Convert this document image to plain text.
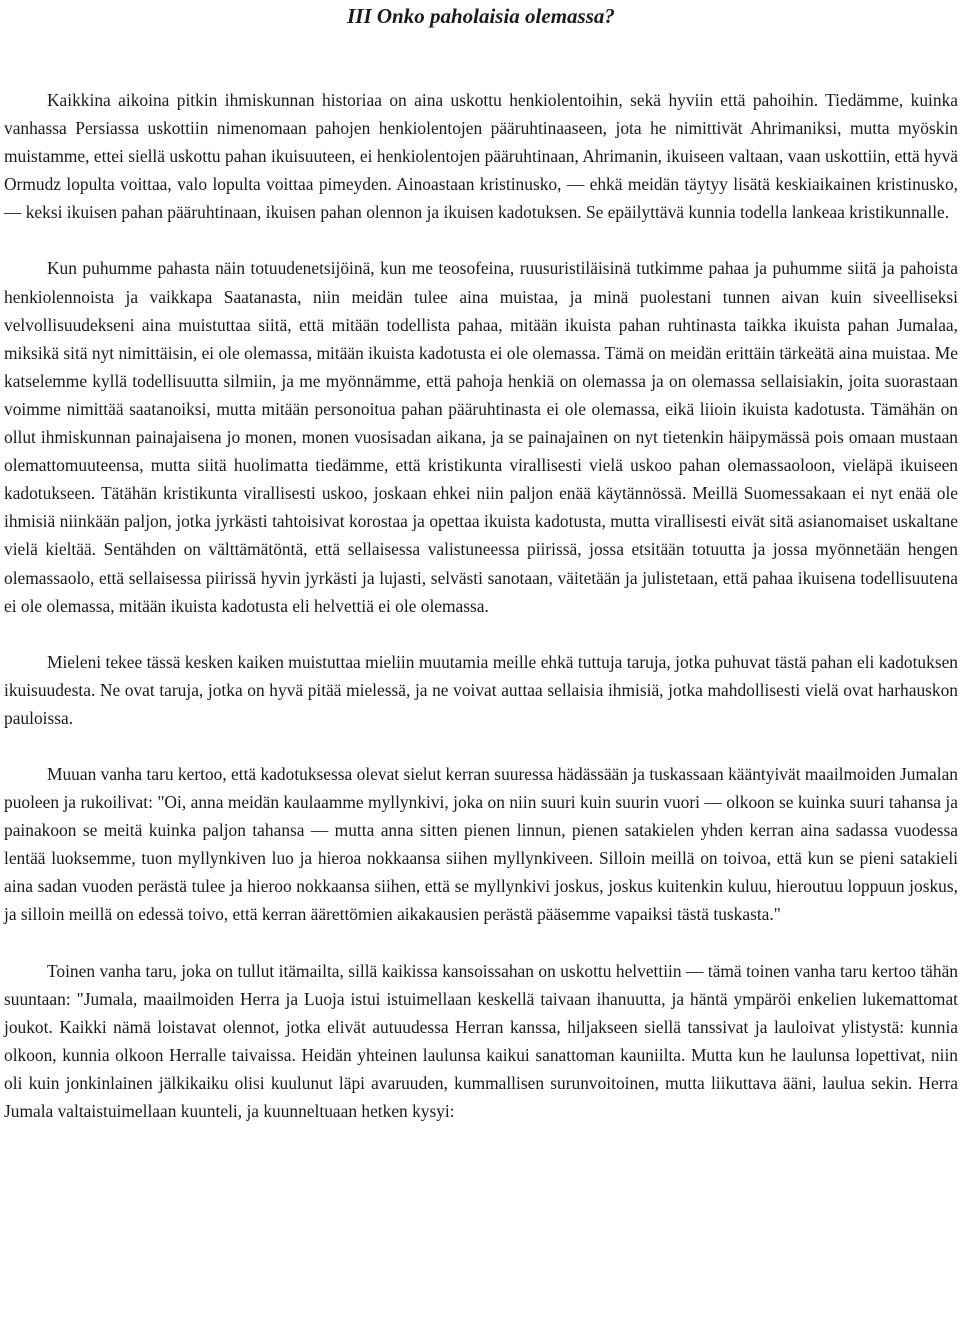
III Onko paholaisia olemassa?

Kaikkina aikoina pitkin ihmiskunnan historiaa on aina uskottu henkiolentoihin, sekä hyviin että pahoihin. Tiedämme, kuinka vanhassa Persiassa uskottiin nimenomaan pahojen henkiolentojen pääruhtinaaseen, jota he nimittivät Ahrimaniksi, mutta myöskin muistamme, ettei siellä uskottu pahan ikuisuuteen, ei henkiolentojen pääruhtinaan, Ahrimanin, ikuiseen valtaan, vaan uskottiin, että hyvä Ormudz lopulta voittaa, valo lopulta voittaa pimeyden. Ainoastaan kristinusko, — ehkä meidän täytyy lisätä keskiaikainen kristinusko, — keksi ikuisen pahan pääruhtinaan, ikuisen pahan olennon ja ikuisen kadotuksen. Se epäilyttävä kunnia todella lankeaa kristikunnalle.

Kun puhumme pahasta näin totuudenetsijöinä, kun me teosofeina, ruusuristiläisinä tutkimme pahaa ja puhumme siitä ja pahoista henkiolennoista ja vaikkapa Saatanasta, niin meidän tulee aina muistaa, ja minä puolestani tunnen aivan kuin siveelliseksi velvollisuudekseni aina muistuttaa siitä, että mitään todellista pahaa, mitään ikuista pahan ruhtinasta taikka ikuista pahan Jumalaa, miksikä sitä nyt nimittäisin, ei ole olemassa, mitään ikuista kadotusta ei ole olemassa. Tämä on meidän erittäin tärkeätä aina muistaa. Me katselemme kyllä todellisuutta silmiin, ja me myönnämme, että pahoja henkiä on olemassa ja on olemassa sellaisiakin, joita suorastaan voimme nimittää saatanoiksi, mutta mitään personoitua pahan pääruhtinasta ei ole olemassa, eikä liioin ikuista kadotusta. Tämähän on ollut ihmiskunnan painajaisena jo monen, monen vuosisadan aikana, ja se painajainen on nyt tietenkin häipymässä pois omaan mustaan olemattomuuteensa, mutta siitä huolimatta tiedämme, että kristikunta virallisesti vielä uskoo pahan olemassaoloon, vieläpä ikuiseen kadotukseen. Tätähän kristikunta virallisesti uskoo, joskaan ehkei niin paljon enää käytännössä. Meillä Suomessakaan ei nyt enää ole ihmisiä niinkään paljon, jotka jyrkästi tahtoisivat korostaa ja opettaa ikuista kadotusta, mutta virallisesti eivät sitä asianomaiset uskaltane vielä kieltää. Sentähden on välttämätöntä, että sellaisessa valistuneessa piirissä, jossa etsitään totuutta ja jossa myönnetään hengen olemassaolo, että sellaisessa piirissä hyvin jyrkästi ja lujasti, selvästi sanotaan, väitetään ja julistetaan, että pahaa ikuisena todellisuutena ei ole olemassa, mitään ikuista kadotusta eli helvettiä ei ole olemassa.

Mieleni tekee tässä kesken kaiken muistuttaa mieliin muutamia meille ehkä tuttuja taruja, jotka puhuvat tästä pahan eli kadotuksen ikuisuudesta. Ne ovat taruja, jotka on hyvä pitää mielessä, ja ne voivat auttaa sellaisia ihmisiä, jotka mahdollisesti vielä ovat harhauskon pauloissa.

Muuan vanha taru kertoo, että kadotuksessa olevat sielut kerran suuressa hädässään ja tuskassaan kääntyivät maailmoiden Jumalan puoleen ja rukoilivat: "Oi, anna meidän kaulaamme myllynkivi, joka on niin suuri kuin suurin vuori — olkoon se kuinka suuri tahansa ja painakoon se meitä kuinka paljon tahansa — mutta anna sitten pienen linnun, pienen satakielen yhden kerran aina sadassa vuodessa lentää luoksemme, tuon myllynkiven luo ja hieroa nokkaansa siihen myllynkiveen. Silloin meillä on toivoa, että kun se pieni satakieli aina sadan vuoden perästä tulee ja hieroo nokkaansa siihen, että se myllynkivi joskus, joskus kuitenkin kuluu, hieroutuu loppuun joskus, ja silloin meillä on edessä toivo, että kerran äärettömien aikakausien perästä pääsemme vapaiksi tästä tuskasta."

Toinen vanha taru, joka on tullut itämailta, sillä kaikissa kansoissahan on uskottu helvettiin — tämä toinen vanha taru kertoo tähän suuntaan: "Jumala, maailmoiden Herra ja Luoja istui istuimellaan keskellä taivaan ihanuutta, ja häntä ympäröi enkelien lukemattomat joukot. Kaikki nämä loistavat olennot, jotka elivät autuudessa Herran kanssa, hiljakseen siellä tanssivat ja lauloivat ylistystä: kunnia olkoon, kunnia olkoon Herralle taivaissa. Heidän yhteinen laulunsa kaikui sanattoman kauniilta. Mutta kun he laulunsa lopettivat, niin oli kuin jonkinlainen jälkikaiku olisi kuulunut läpi avaruuden, kummallisen surunvoitoinen, mutta liikuttava ääni, laulua sekin. Herra Jumala valtaistuimellaan kuunteli, ja kuunneltuaan hetken kysyi:
